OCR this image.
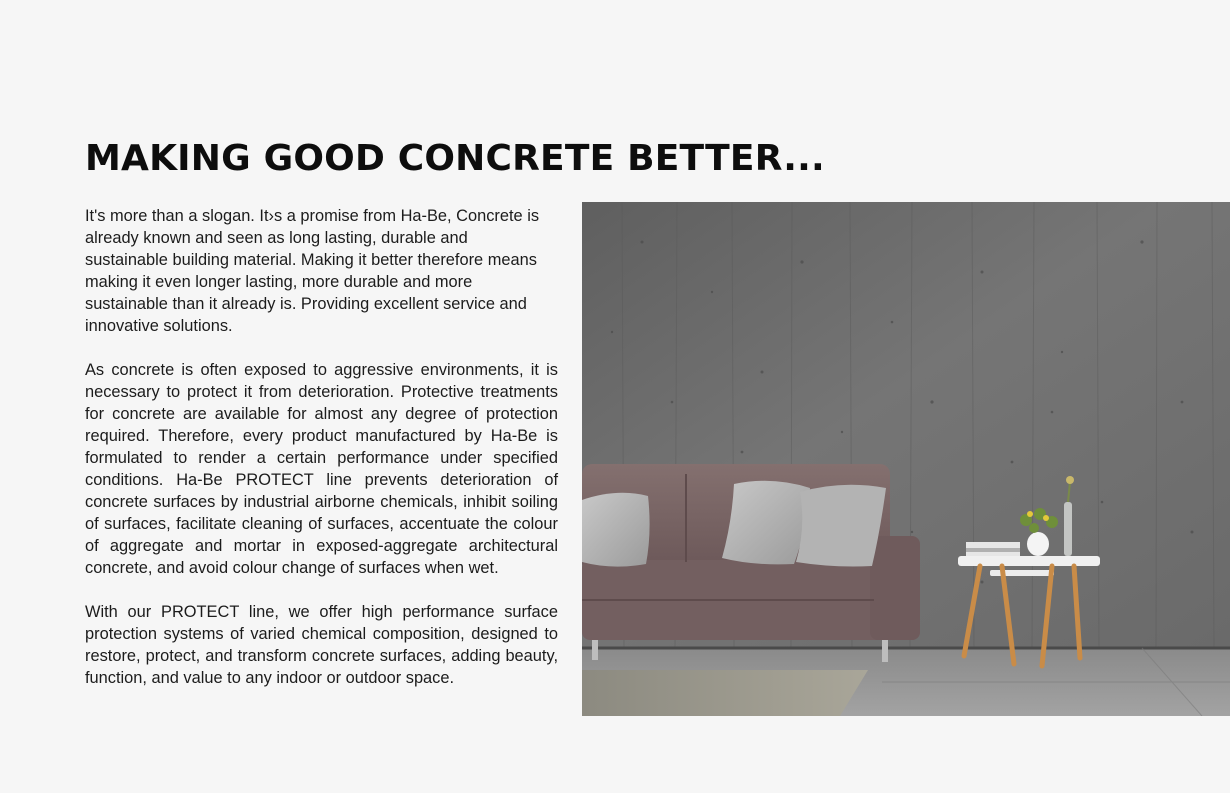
MAKING GOOD CONCRETE BETTER...

It's more than a slogan. It›s a promise from Ha-Be, Concrete is already known and seen as long lasting, durable and sustainable building material. Making it better therefore means making it even longer lasting, more durable and more sustainable than it already is. Providing excellent service and innovative solutions.

As concrete is often exposed to aggressive environments, it is necessary to protect it from deterioration. Protective treatments for concrete are available for almost any degree of protection required. Therefore, every product manufactured by Ha-Be is formulated to render a certain performance under specified conditions. Ha-Be PROTECT line prevents deterioration of concrete surfaces by industrial airborne chemicals, inhibit soiling of surfaces, facilitate cleaning of surfaces, accentuate the colour of aggregate and mortar in exposed-aggregate architectural concrete, and avoid colour change of surfaces when wet.

With our PROTECT line, we offer high performance surface protection systems of varied chemical composition, designed to restore, protect, and transform concrete surfaces, adding beauty, function, and value to any indoor or outdoor space.
